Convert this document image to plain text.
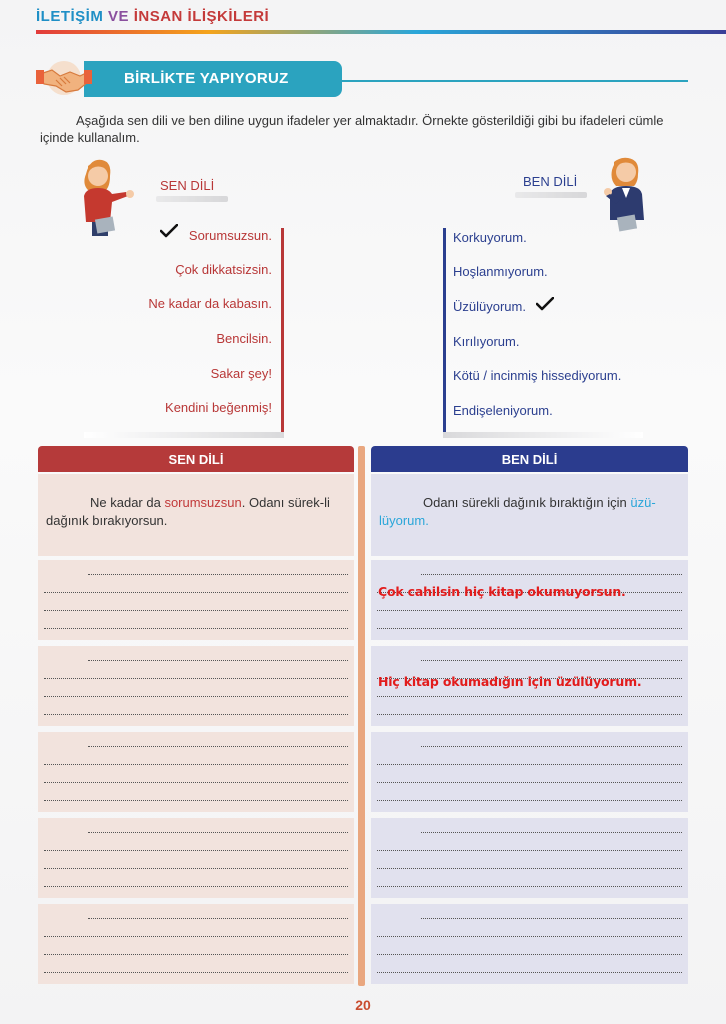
İLETİŞİM VE İNSAN İLİŞKİLERİ
BİRLİKTE YAPIYORUZ

Aşağıda sen dili ve ben diline uygun ifadeler yer almaktadır. Örnekte gösterildiği gibi bu ifadeleri cümle içinde kullanalım.

SEN DİLİ	BEN DİLİ
Sorumsuzsun.
Çok dikkatsizsin.
Ne kadar da kabasın.
Bencilsin.
Sakar şey!
Kendini beğenmiş!
Korkuyorum.
Hoşlanmıyorum.
Üzülüyorum.
Kırılıyorum.
Kötü / incinmiş hissediyorum.
Endişeleniyorum.
SEN DİLİ	BEN DİLİ
Ne kadar da sorumsuzsun. Odanı sürek-li dağınık bırakıyorsun.
Odanı sürekli dağınık bıraktığın için üzü-lüyorum.
Çok cahilsin hiç kitap okumuyorsun.
Hiç kitap okumadığın için üzülüyorum.
20
